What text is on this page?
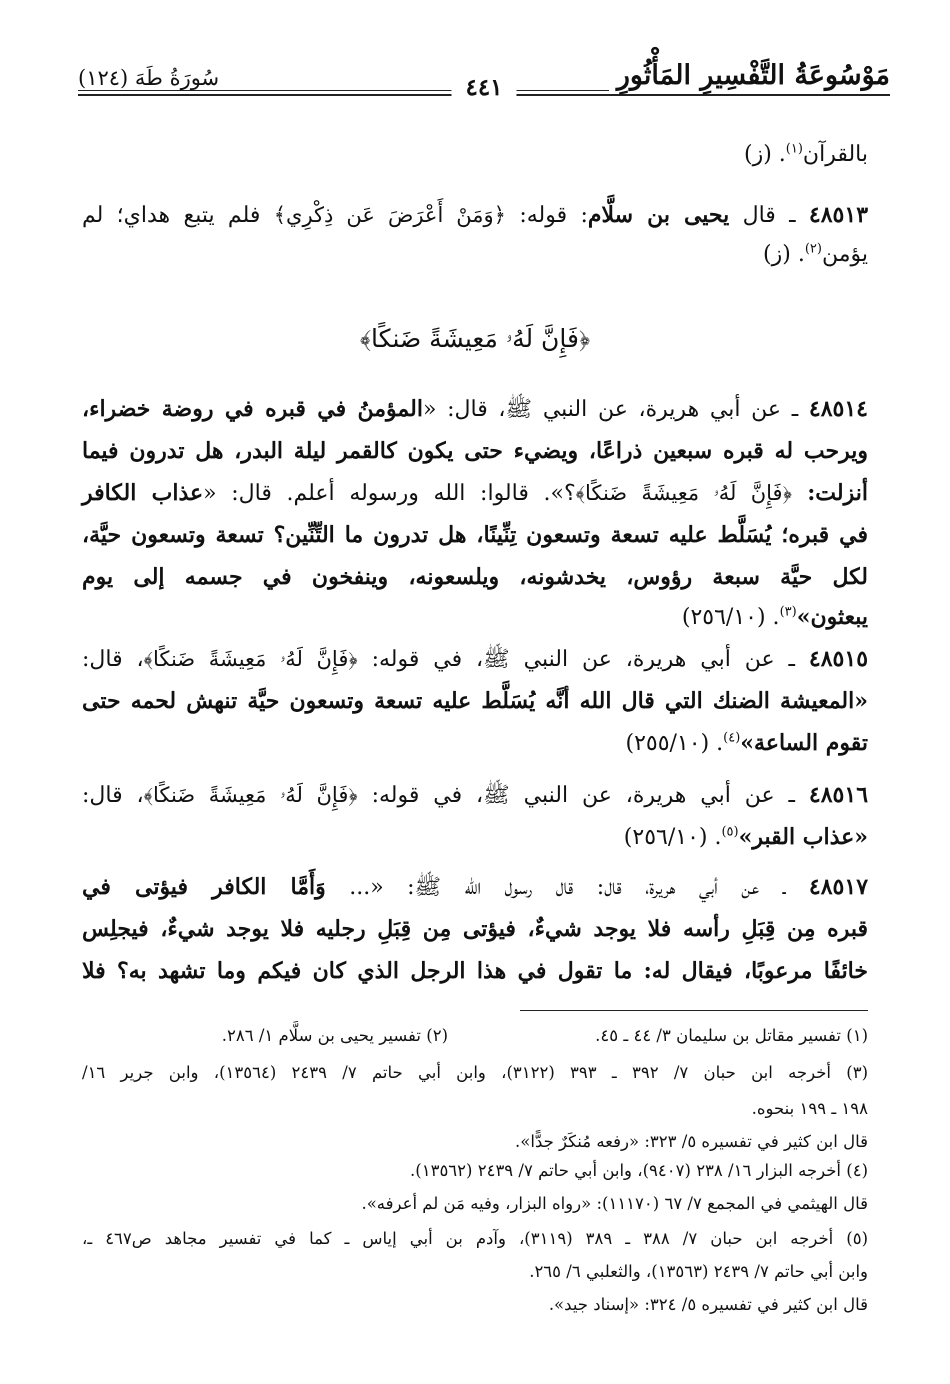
مَوْسُوعَةُ التَّفْسِيرِ المَأْثُورِ
٤٤١
سُورَةُ طَهَ (١٢٤)
بالقرآن$^{(١)}$. (ز)
٤٨٥١٣ ـ قال يحيى بن سلَّام: قوله: ﴿وَمَنْ أَعْرَضَ عَن ذِكْرِي﴾ فلم يتبع هداي؛ لم
يؤمن$^{(٢)}$. (ز)
﴿فَإِنَّ لَهُۥ مَعِيشَةً ضَنكًا﴾
٤٨٥١٤ ـ عن أبي هريرة، عن النبي ﷺ، قال: «المؤمنُ في قبره في روضة خضراء،
ويرحب له قبره سبعين ذراعًا، ويضيء حتى يكون كالقمر ليلة البدر، هل تدرون فيما
أنزلت: ﴿فَإِنَّ لَهُۥ مَعِيشَةً ضَنكًا﴾؟». قالوا: الله ورسوله أعلم. قال: «عذاب الكافر
في قبره؛ يُسَلَّط عليه تسعة وتسعون تِنِّينًا، هل تدرون ما التِّنِّين؟ تسعة وتسعون حيَّة،
لكل حيَّة سبعة رؤوس، يخدشونه، ويلسعونه، وينفخون في جسمه إلى يوم
يبعثون»$^{(٣)}$. (٢٥٦/١٠)
٤٨٥١٥ ـ عن أبي هريرة، عن النبي ﷺ، في قوله: ﴿فَإِنَّ لَهُۥ مَعِيشَةً ضَنكًا﴾، قال:
«المعيشة الضنك التي قال الله أنَّه يُسَلَّط عليه تسعة وتسعون حيَّة تنهش لحمه حتى
تقوم الساعة»$^{(٤)}$. (٢٥٥/١٠)
٤٨٥١٦ ـ عن أبي هريرة، عن النبي ﷺ، في قوله: ﴿فَإِنَّ لَهُۥ مَعِيشَةً ضَنكًا﴾، قال:
«عذاب القبر»$^{(٥)}$. (٢٥٦/١٠)
٤٨٥١٧ ـ عن أبي هريرة، قال: قال رسول الله ﷺ: «... وَأَمَّا الكافر فيؤتى في
قبره مِن قِبَلِ رأسه فلا يوجد شيءٌ، فيؤتى مِن قِبَلِ رجليه فلا يوجد شيءٌ، فيجلِس
خائفًا مرعوبًا، فيقال له: ما تقول في هذا الرجل الذي كان فيكم وما تشهد به؟ فلا
(١) تفسير مقاتل بن سليمان ٣/ ٤٤ ـ ٤٥.
(٢) تفسير يحيى بن سلَّام ١/ ٢٨٦.
(٣) أخرجه ابن حبان ٧/ ٣٩٢ ـ ٣٩٣ (٣١٢٢)، وابن أبي حاتم ٧/ ٢٤٣٩ (١٣٥٦٤)، وابن جرير ١٦/
١٩٨ ـ ١٩٩ بنحوه.
قال ابن كثير في تفسيره ٥/ ٣٢٣: «رفعه مُنكَرٌ جدًّا».
(٤) أخرجه البزار ١٦/ ٢٣٨ (٩٤٠٧)، وابن أبي حاتم ٧/ ٢٤٣٩ (١٣٥٦٢).
قال الهيثمي في المجمع ٧/ ٦٧ (١١١٧٠): «رواه البزار، وفيه مَن لم أعرفه».
(٥) أخرجه ابن حبان ٧/ ٣٨٨ ـ ٣٨٩ (٣١١٩)، وآدم بن أبي إياس ـ كما في تفسير مجاهد ص٤٦٧ ـ،
وابن أبي حاتم ٧/ ٢٤٣٩ (١٣٥٦٣)، والثعلبي ٦/ ٢٦٥.
قال ابن كثير في تفسيره ٥/ ٣٢٤: «إسناد جيد».
